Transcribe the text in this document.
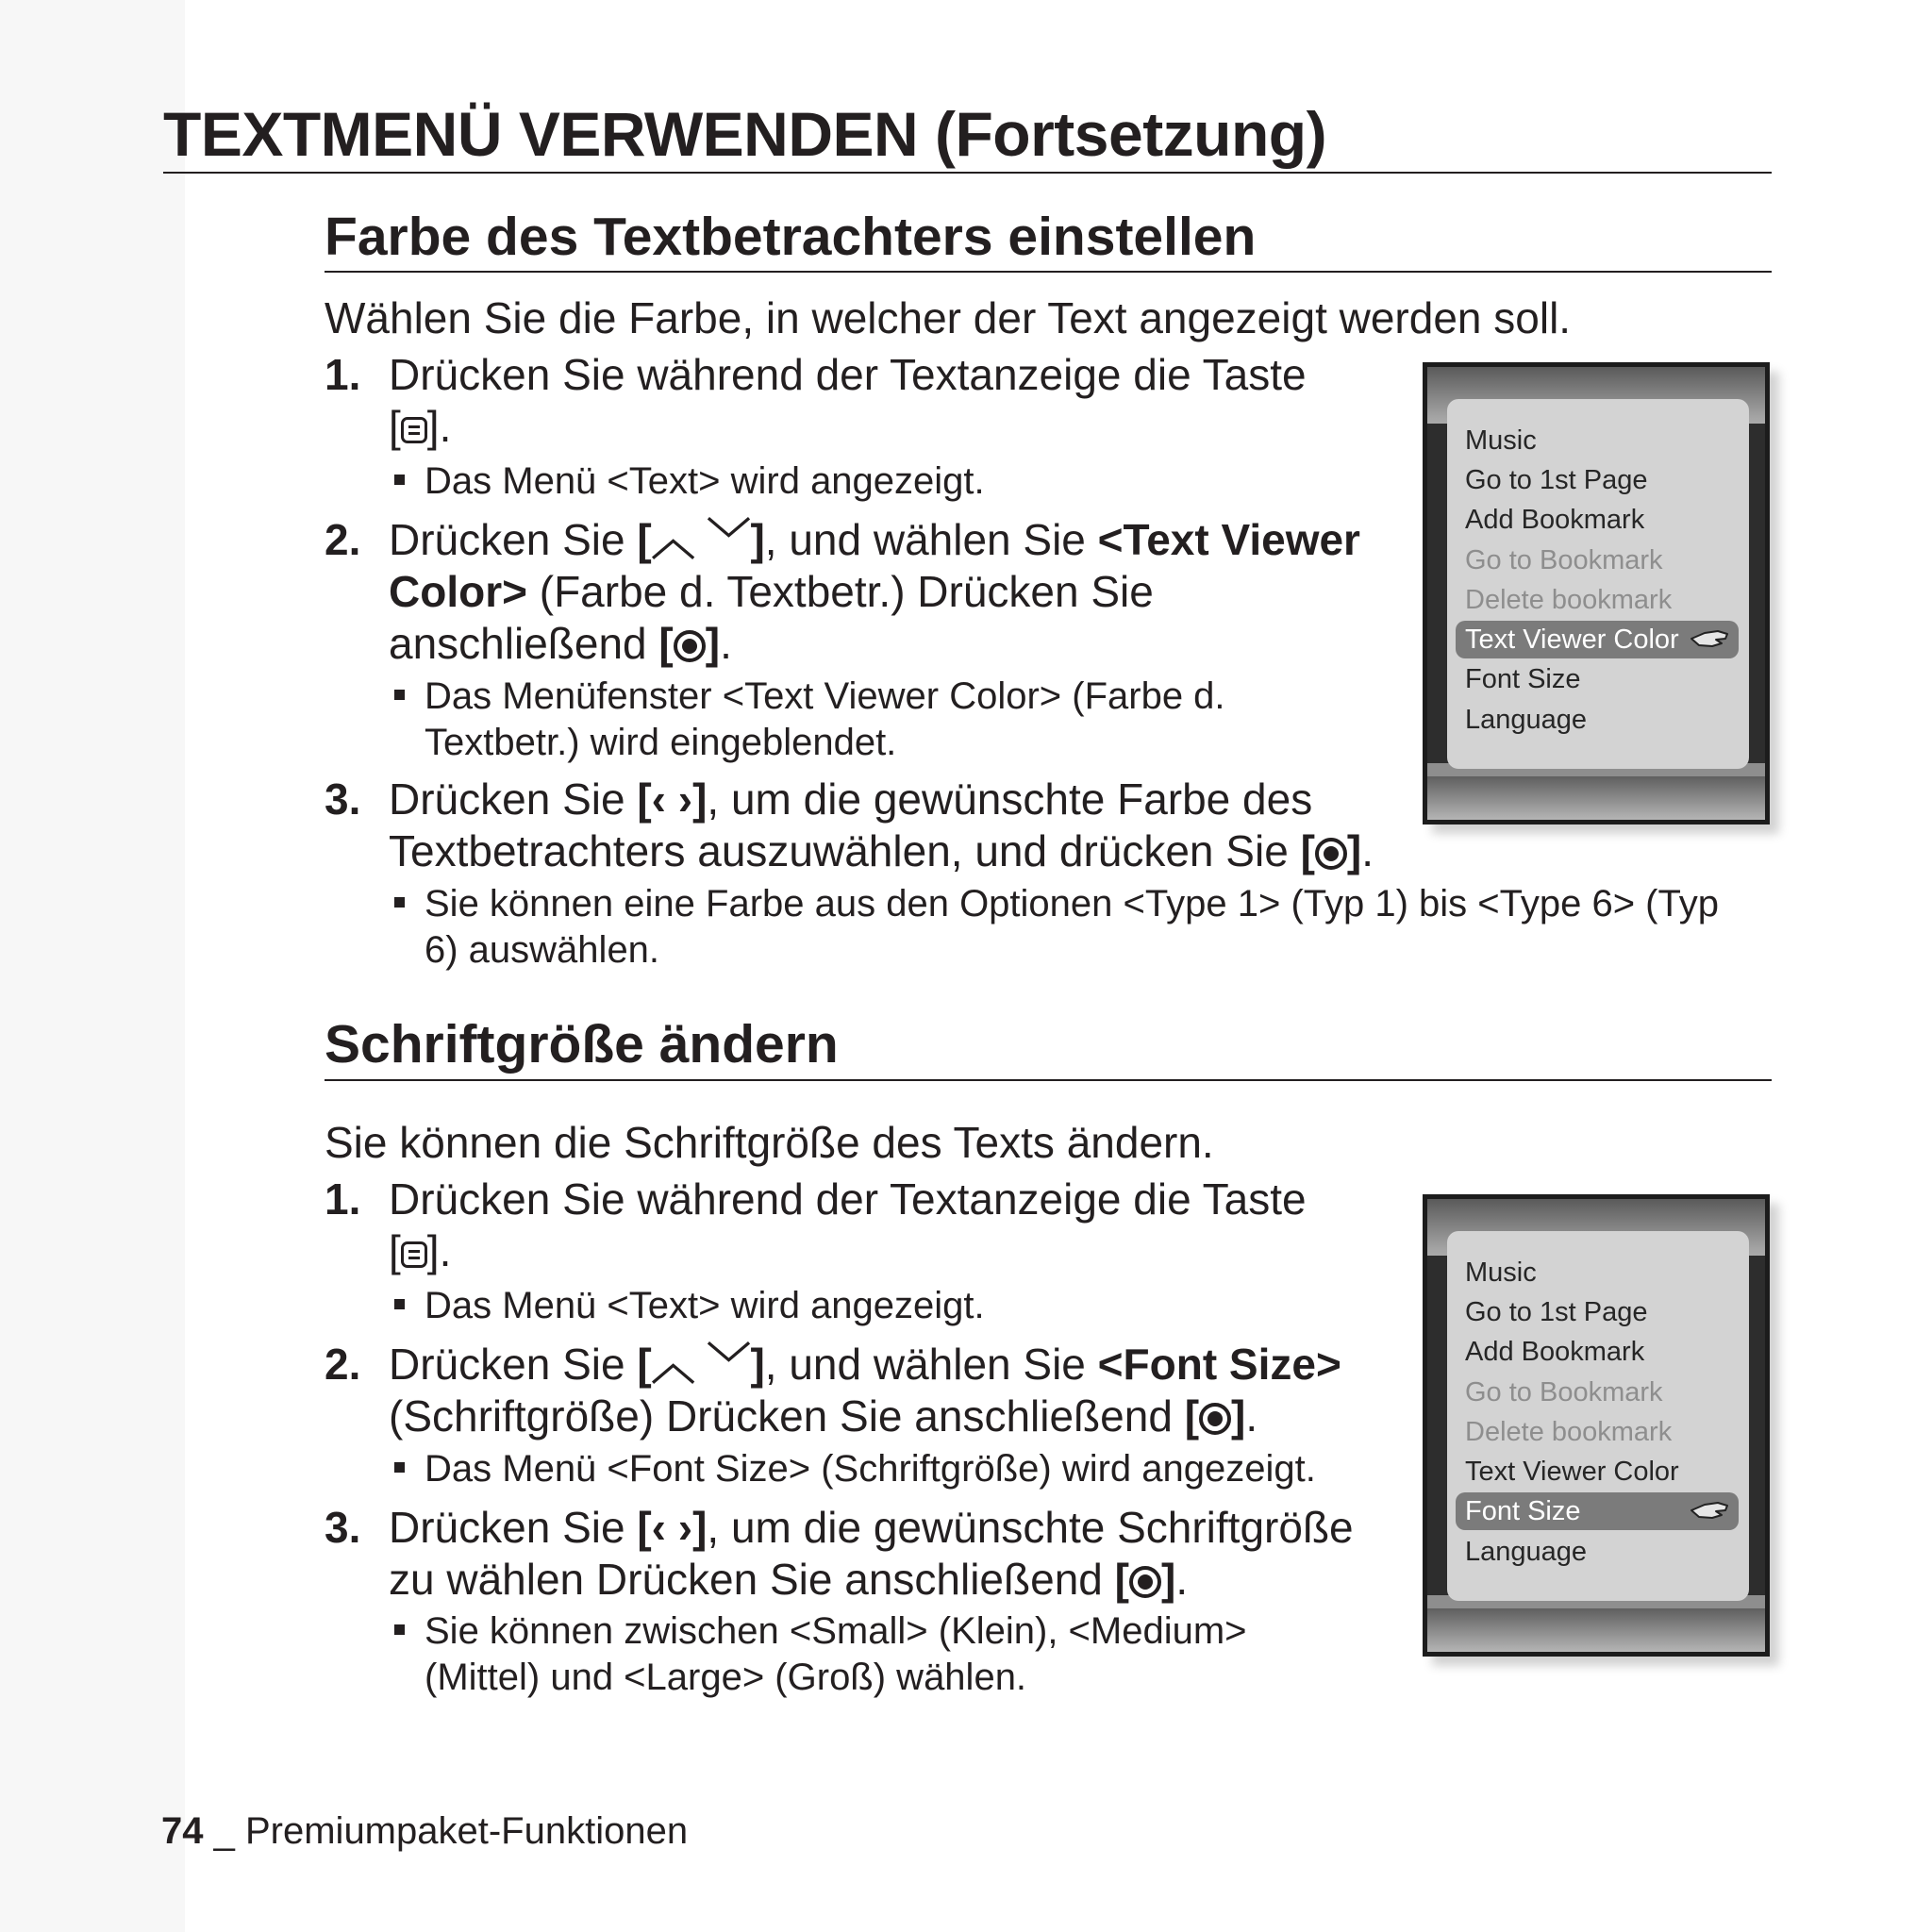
TEXTMENÜ VERWENDEN (Fortsetzung)
Farbe des Textbetrachters einstellen
Wählen Sie die Farbe, in welcher der Text angezeigt werden soll.
1. Drücken Sie während der Textanzeige die Taste
[ ].
Das Menü <Text> wird angezeigt.
2. Drücken Sie [︿ ﹀], und wählen Sie <Text Viewer Color> (Farbe d. Textbetr.) Drücken Sie anschließend [ ].
Das Menüfenster <Text Viewer Color> (Farbe d. Textbetr.) wird eingeblendet.
3. Drücken Sie [‹ ›], um die gewünschte Farbe des Textbetrachters auszuwählen, und drücken Sie [ ].
Sie können eine Farbe aus den Optionen <Type 1> (Typ 1) bis <Type 6> (Typ 6) auswählen.
Music
Go to 1st Page
Add Bookmark
Go to Bookmark
Delete bookmark
Text Viewer Color
Font Size
Language
Schriftgröße ändern
Sie können die Schriftgröße des Texts ändern.
1. Drücken Sie während der Textanzeige die Taste [ ].
Das Menü <Text> wird angezeigt.
2. Drücken Sie [︿ ﹀], und wählen Sie <Font Size> (Schriftgröße) Drücken Sie anschließend [ ].
Das Menü <Font Size> (Schriftgröße) wird angezeigt.
3. Drücken Sie [‹ ›], um die gewünschte Schriftgröße zu wählen Drücken Sie anschließend [ ].
Sie können zwischen <Small> (Klein), <Medium> (Mittel) und <Large> (Groß) wählen.
Music
Go to 1st Page
Add Bookmark
Go to Bookmark
Delete bookmark
Text Viewer Color
Font Size
Language
74 _ Premiumpaket-Funktionen
